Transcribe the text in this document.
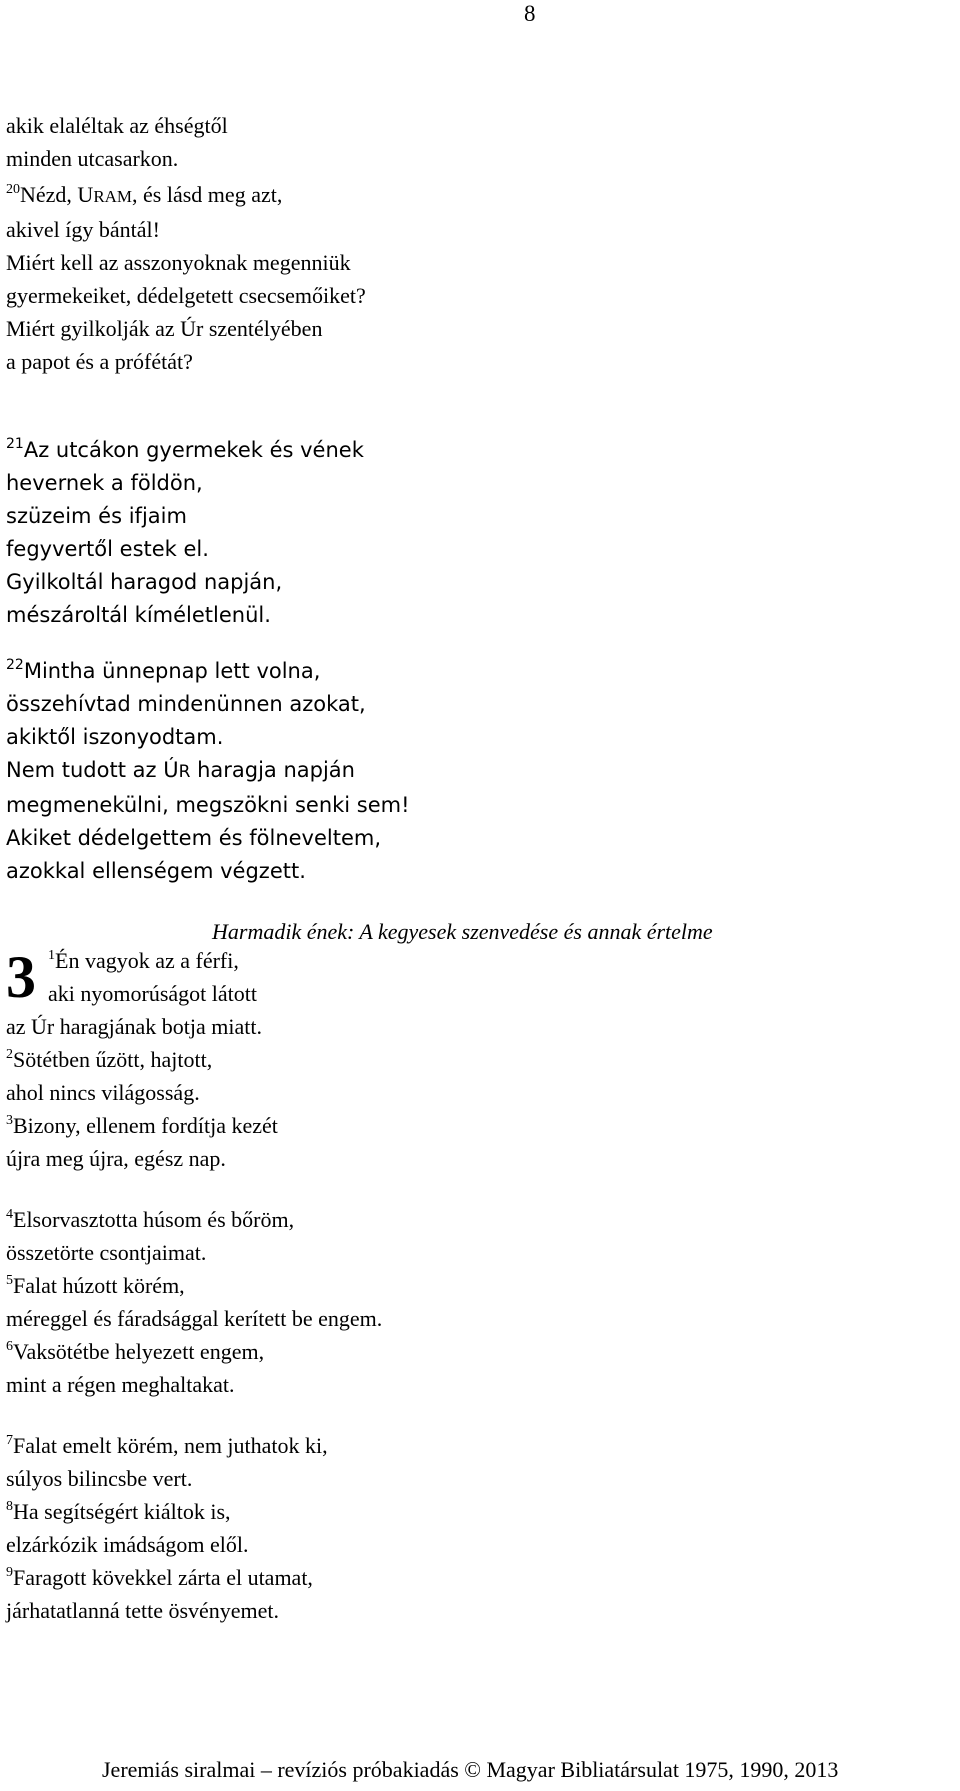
8
akik elaléltak az éhségtől
minden utcasarkon.
$^{20}$Nézd, URAM, és lásd meg azt,
akivel így bántál!
Miért kell az asszonyoknak megenniük
gyermekeiket, dédelgetett csecsemőiket?
Miért gyilkolják az Úr szentélyében
a papot és a prófétát?
$^{21}$Az utcákon gyermekek és vének
hevernek a földön,
szüzeim és ifjaim
fegyvertől estek el.
Gyilkoltál haragod napján,
mészároltál kíméletlenül.
$^{22}$Mintha ünnepnap lett volna,
összehívtad mindenünnen azokat,
akiktől iszonyodtam.
Nem tudott az ÚR haragja napján
megmenekülni, megszökni senki sem!
Akiket dédelgettem és fölneveltem,
azokkal ellenségem végzett.
Harmadik ének: A kegyesek szenvedése és annak értelme
3 $^1$Én vagyok az a férfi,
aki nyomorúságot látott
az Úr haragjának botja miatt.
$^2$Sötétben űzött, hajtott,
ahol nincs világosság.
$^3$Bizony, ellenem fordítja kezét
újra meg újra, egész nap.
$^4$Elsorvasztotta húsom és bőröm,
összetörte csontjaimat.
$^5$Falat húzott körém,
méreggel és fáradsággal kerített be engem.
$^6$Vaksötétbe helyezett engem,
mint a régen meghaltakat.
$^7$Falat emelt körém, nem juthatok ki,
súlyos bilincsbe vert.
$^8$Ha segítségért kiáltok is,
elzárkózik imádságom elől.
$^9$Faragott kövekkel zárta el utamat,
járhatatlanná tette ösvényemet.
Jeremiás siralmai – revíziós próbakiadás © Magyar Bibliatársulat 1975, 1990, 2013
